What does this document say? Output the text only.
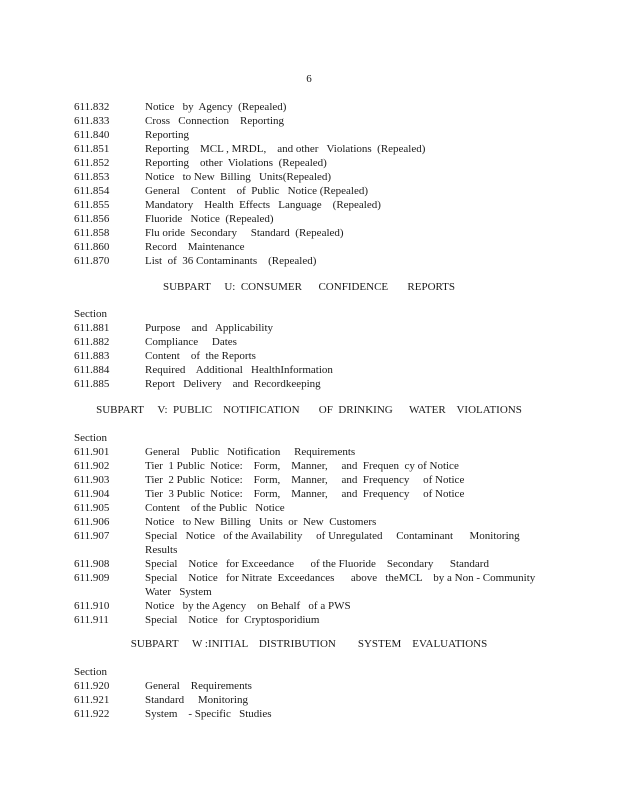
6
611.832	Notice   by  Agency  (Repealed)
611.833	Cross   Connection    Reporting
611.840	Reporting
611.851	Reporting    MCL , MRDL,    and other   Violations  (Repealed)
611.852	Reporting    other  Violations  (Repealed)
611.853	Notice   to New  Billing   Units(Repealed)
611.854	General    Content    of  Public   Notice (Repealed)
611.855	Mandatory    Health  Effects   Language    (Repealed)
611.856	Fluoride   Notice  (Repealed)
611.858	Flu oride  Secondary     Standard  (Repealed)
611.860	Record    Maintenance
611.870	List  of  36 Contaminants    (Repealed)
SUBPART     U:  CONSUMER      CONFIDENCE       REPORTS
Section
611.881	Purpose    and   Applicability
611.882	Compliance     Dates
611.883	Content    of  the Reports
611.884	Required    Additional   HealthInformation
611.885	Report   Delivery    and  Recordkeeping
SUBPART     V:  PUBLIC    NOTIFICATION       OF  DRINKING      WATER    VIOLATIONS
Section
611.901	General    Public   Notification     Requirements
611.902	Tier  1 Public  Notice:    Form,    Manner,     and  Frequen  cy of Notice
611.903	Tier  2 Public  Notice:    Form,    Manner,     and  Frequency     of Notice
611.904	Tier  3 Public  Notice:    Form,    Manner,     and  Frequency     of Notice
611.905	Content    of the Public   Notice
611.906	Notice   to New  Billing   Units  or  New  Customers
611.907	Special   Notice   of the Availability     of Unregulated     Contaminant      Monitoring
Results
611.908	Special    Notice   for Exceedance      of the Fluoride    Secondary      Standard
611.909	Special    Notice   for Nitrate  Exceedances      above   theMCL    by a Non - Community
Water   System
611.910	Notice   by the Agency    on Behalf   of a PWS
611.911	Special    Notice   for  Cryptosporidium
SUBPART     W :INITIAL    DISTRIBUTION        SYSTEM    EVALUATIONS
Section
611.920	General    Requirements
611.921	Standard     Monitoring
611.922	System    - Specific   Studies
